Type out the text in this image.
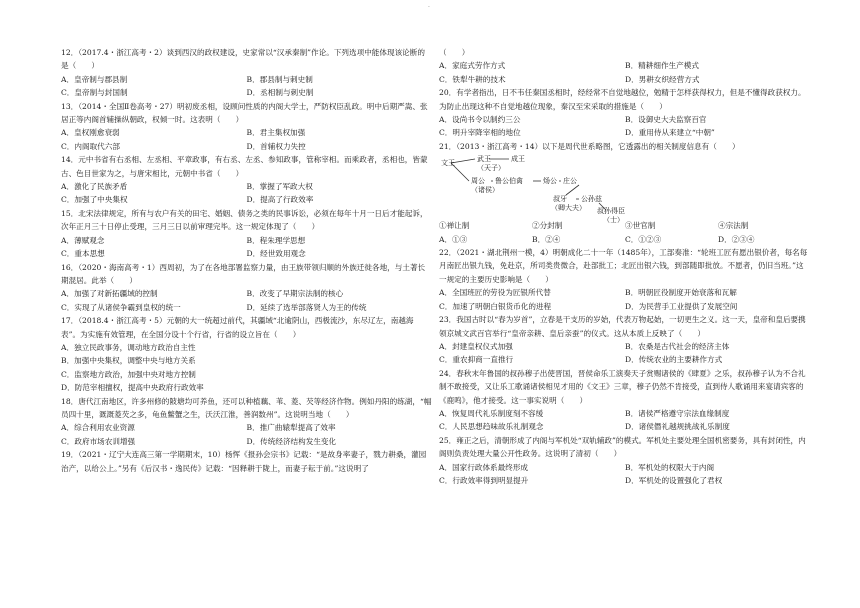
·

12．（2017.4・浙江高考・2）谈到西汉的政权建设，史家常以“汉承秦制”作论。下列选项中能体现该论断的是（　　）

A．皇帝制与郡县制	B．郡县制与刺史制
C．皇帝制与封国制	D．丞相制与刺史制

13．（2014・全国Ⅱ卷高考・27）明初废丞相，设顾问性质的内阁大学士，严防权臣乱政。明中后期严嵩、张居正等内阁首辅操纵朝政，权倾一时。这表明（　　）

A．皇权刚愈衰弱	B．君主集权加强
C．内阁取代六部	D．首辅权力失控

14．元中书省有右丞相、左丞相、平章政事，有右丞、左丞、参知政事，管称宰相。而乘政者，丞相也，皆蒙古、色目世家为之，与唐宋相比，元朝中书省（　　）

A．激化了民族矛盾	B．掌握了军政大权
C．加强了中央集权	D．提高了行政效率

15．北宋法律规定，所有与农户有关的田宅、婚姻、债务之类的民事诉讼，必须在每年十月一日后才能起诉，次年正月三十日停止受理，三月三日以前审理完毕。这一规定体现了（　　）

A．薄赋观念	B．程朱理学思想
C．重本思想	D．经世致用观念

16．（2020・海南高考・1）西周初，为了在各地部署监察力量，由王族带领归顺的外族迁徙各地，与土著长期混居。此举（　　）

A．加强了对新拓疆域的控制	B．改变了早期宗法制的核心
C．实现了从诸侯争霸到皇权的统一	D．延续了选举部落贤人为王的传统

17．（2018.4・浙江高考・5）元朝的大一统超过前代，其疆域“北逾阴山，西极流沙，东尽辽左，南越海表”。为实施有效管理，在全国分设十个行省，行省的设立旨在（　　）

A．独立民政事务，调动地方政治自主性
B．加强中央集权，调整中央与地方关系
C．监察地方政治，加强中央对地方控制
D．防范宰相擅权，提高中央政府行政效率

18．唐代江南地区，许多州修的陂塘均可养鱼，还可以种植藕、苇、菱、芡等经济作物。例如丹阳的练湖，“幅员四十里，溉溉菱芡之多，龟鱼鳖蟹之生，沃沃江淮，善润数州”。这说明当地（　　）

A．综合利用农业资源	B．推广曲辕犁提高了效率
C．政府市场农训增强	D．传统经济结构发生变化

19．（2021・辽宁大连高三第一学期期末，10）杨恽《报孙会宗书》记载：“是故身率妻子，戮力耕桑，灌园治产，以给公上。”另有《后汉书・逸民传》记载：“因释耕于陇上，而妻子耘于前。”这说明了

（　　）

A．家庭式劳作方式	B．精耕细作生产模式
C．铁犁牛耕的技术	D．男耕女织经营方式

20．有学者指出，日不韦任秦国丞相时，经经常不自觉地越位，勉精于怎样获得权力，但是不懂得政获权力。为防止出现这种不自觉地越位现象，秦汉至宋采取的措施是（　　）

A．设尚书令以制约三公	B．设御史大夫监察百官
C．明升宰降宰相的地位	D．重用侍从来建立“中朝”

21．（2013・浙江高考・14）以下是周代世系略图，它透露出的相关制度信息有（　　）

文王	武王	成王
（天子）
周公 鲁公伯禽	炀公
（诸侯）
庄公
叔牙 公孙兹
（卿大夫） 叔孙得臣
（士）
①禅让制	②分封制	③世官制	④宗法制
A．①③	B．②④	C．①②③	D．②③④

22．（2021・湖北荆州一模，4）明朝成化二十一年（1485年），工部奏准：“轮班工匠有愿出银价者，每名每月南匠出银九钱，免赴京，所司类贵微合，赴部批工；北匠出银六钱，到部随即批放。不愿者，仍旧当班。”这一规定的主要历史影响是（　　）

A．全国班匠的劳役为匠银所代替	B．明朝匠役制度开始衰落和瓦解
C．加速了明朝白银货币化的进程	D．为民营手工业提供了发展空间

23．我国古时以“春为岁首”，立春是干支历的岁始，代表万物起始，一切更生之义。这一天，皇帝和皇后要携领京城文武百官举行“皇帝亲耕、皇后亲蚕”的仪式。这从本质上反映了（　　）

A．封建皇权仪式加强	B．农桑是古代社会的经济主体
C．重农抑商一直推行	D．传统农业的主要耕作方式

24．春秋末年鲁国的叔孙穆子出使晋国，晋侯命乐工演奏天子赏赐诸侯的《肆夏》之乐，叔孙穆子认为不合礼制不敢接受，又让乐工歌诵诸侯相见才用的《文王》三章，穆子仍然不肯接受，直到侍人歌诵用来宴请宾客的《鹿鸣》，他才接受。这一事实说明（　　）

A．恢复周代礼乐制度刻不容缓	B．诸侯严格遵守宗法血缘制度
C．人民思想趋味故乐礼制观念	D．诸侯僭礼越规挑战礼乐制度

25．雍正之后，清朝形成了内阁与军机处“双轨辅政”的模式。军机处主要处理全国机密要务，具有封闭性，内阁则负责处理大量公开性政务。这说明了清初（　　）

A．国家行政体系最终形成	B．军机处的权限大于内阁
C．行政效率得到明显提升	D．军机处的设置强化了君权
